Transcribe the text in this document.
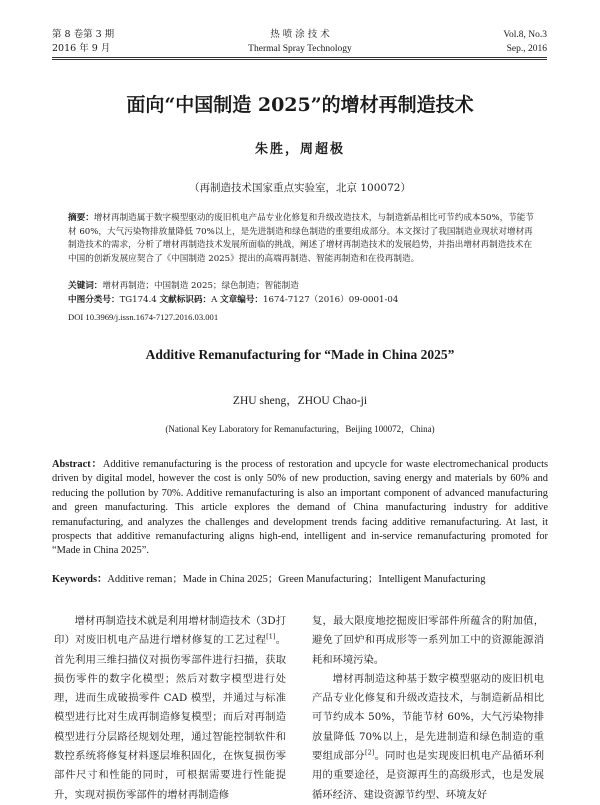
第 8 卷第 3 期
2016 年 9 月
热 喷 涂 技 术
Thermal Spray Technology
Vol.8, No.3
Sep., 2016
面向“中国制造 2025”的增材再制造技术
朱胜，周超极
（再制造技术国家重点实验室，北京 100072）

摘要：增材再制造属于数字模型驱动的废旧机电产品专业化修复和升级改造技术，与制造新品相比可节约成本50%，节能节材 60%，大气污染物排放量降低 70%以上，是先进制造和绿色制造的重要组成部分。本文探讨了我国制造业现状对增材再制造技术的需求，分析了增材再制造技术发展所面临的挑战，阐述了增材再制造技术的发展趋势，并指出增材再制造技术在中国的创新发展应契合了《中国制造 2025》提出的高端再制造、智能再制造和在役再制造。

关键词：增材再制造；中国制造 2025；绿色制造；智能制造

中图分类号：TG174.4 文献标识码：A 文章编号：1674-7127（2016）09-0001-04

DOI 10.3969/j.issn.1674-7127.2016.03.001

Additive Remanufacturing for “Made in China 2025”
ZHU sheng，ZHOU Chao-ji
(National Key Laboratory for Remanufacturing，Beijing 100072，China)

Abstract：Additive remanufacturing is the process of restoration and upcycle for waste electromechanical products driven by digital model, however the cost is only 50% of new production, saving energy and materials by 60% and reducing the pollution by 70%. Additive remanufacturing is also an important component of advanced manufacturing and green manufacturing. This article explores the demand of China manufacturing industry for additive remanufacturing, and analyzes the challenges and development trends facing additive remanufacturing. At last, it prospects that additive remanufacturing aligns high-end, intelligent and in-service remanufacturing promoted for “Made in China 2025”.

Keywords：Additive reman；Made in China 2025；Green Manufacturing；Intelligent Manufacturing

增材再制造技术就是利用增材制造技术（3D打印）对废旧机电产品进行增材修复的工艺过程[1]。首先利用三维扫描仪对损伤零部件进行扫描，获取损伤零件的数字化模型；然后对数字模型进行处理，进而生成破损零件 CAD 模型，并通过与标准模型进行比对生成再制造修复模型；而后对再制造模型进行分层路径规划处理，通过智能控制软件和数控系统将修复材料逐层堆积固化，在恢复损伤零部件尺寸和性能的同时，可根据需要进行性能提升，实现对损伤零部件的增材再制造修

复，最大限度地挖掘废旧零部件所蕴含的附加值，避免了回炉和再成形等一系列加工中的资源能源消耗和环境污染。

增材再制造这种基于数字模型驱动的废旧机电产品专业化修复和升级改造技术，与制造新品相比可节约成本 50%，节能节材 60%，大气污染物排放量降低 70%以上，是先进制造和绿色制造的重要组成部分[2]。同时也是实现废旧机电产品循环利用的重要途径，是资源再生的高级形式，也是发展循环经济、建设资源节约型、环境友好
